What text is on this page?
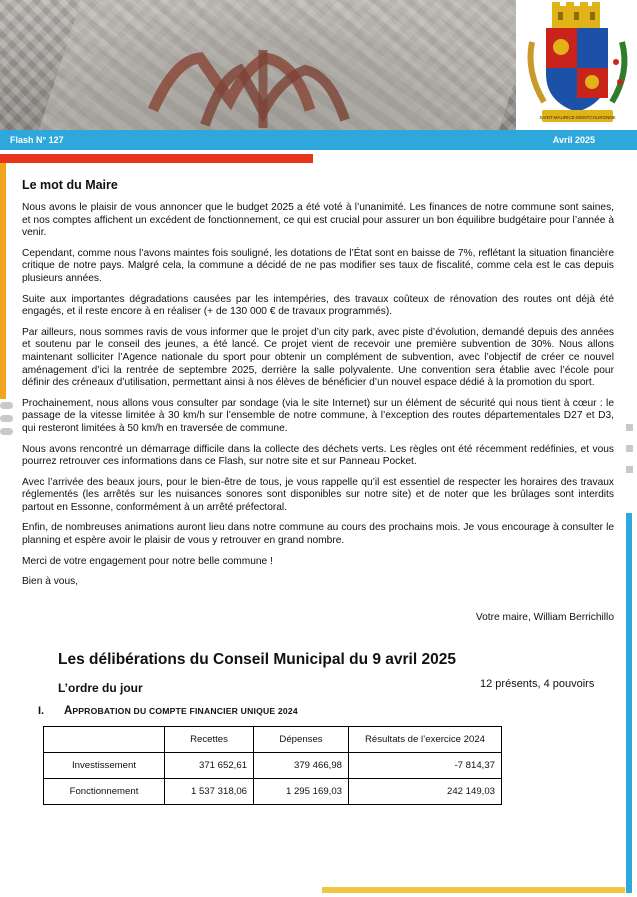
SAINT-MAURICE-MONTCOURONNE
Flash N° 127	Avril 2025
Le mot du Maire

Nous avons le plaisir de vous annoncer que le budget 2025 a été voté à l’unanimité. Les finances de notre commune sont saines, et nos comptes affichent un excédent de fonctionnement, ce qui est crucial pour assurer un bon équilibre budgétaire pour l’année à venir.

Cependant, comme nous l’avons maintes fois souligné, les dotations de l’État sont en baisse de 7%, reflétant la situation financière critique de notre pays. Malgré cela, la commune a décidé de ne pas modifier ses taux de fiscalité, comme cela est le cas depuis plusieurs années.

Suite aux importantes dégradations causées par les intempéries, des travaux coûteux de rénovation des routes ont déjà été engagés, et il reste encore à en réaliser (+ de 130 000 € de travaux programmés).

Par ailleurs, nous sommes ravis de vous informer que le projet d’un city park, avec piste d’évolution, demandé depuis des années et soutenu par le conseil des jeunes, a été lancé. Ce projet vient de recevoir une première subvention de 30%. Nous allons maintenant solliciter l’Agence nationale du sport pour obtenir un complément de subvention, avec l’objectif de créer ce nouvel aménagement d’ici la rentrée de septembre 2025, derrière la salle polyvalente. Une convention sera établie avec l’école pour définir des créneaux d’utilisation, permettant ainsi à nos élèves de bénéficier d’un nouvel espace dédié à la promotion du sport.

Prochainement, nous allons vous consulter par sondage (via le site Internet) sur un élément de sécurité qui nous tient à cœur : le passage de la vitesse limitée à 30 km/h sur l’ensemble de notre commune, à l’exception des routes départementales D27 et D3, qui resteront limitées à 50 km/h en traversée de commune.

Nous avons rencontré un démarrage difficile dans la collecte des déchets verts. Les règles ont été récemment redéfinies, et vous pourrez retrouver ces informations dans ce Flash, sur notre site et sur Panneau Pocket.

Avec l’arrivée des beaux jours, pour le bien-être de tous, je vous rappelle qu’il est essentiel de respecter les horaires des travaux réglementés (les arrêtés sur les nuisances sonores sont disponibles sur notre site) et de noter que les brûlages sont interdits partout en Essonne, conformément à un arrêté préfectoral.

Enfin, de nombreuses animations auront lieu dans notre commune au cours des prochains mois. Je vous encourage à consulter le planning et espère avoir le plaisir de vous y retrouver en grand nombre.

Merci de votre engagement pour notre belle commune !

Bien à vous,

Votre maire, William Berrichillo
Les délibérations du Conseil Municipal du 9 avril 2025
L’ordre du jour	12 présents, 4 pouvoirs
I. APPROBATION DU COMPTE FINANCIER UNIQUE 2024
	Recettes	Dépenses	Résultats de l’exercice 2024
Investissement	371 652,61	379 466,98	-7 814,37
Fonctionnement	1 537 318,06	1 295 169,03	242 149,03
